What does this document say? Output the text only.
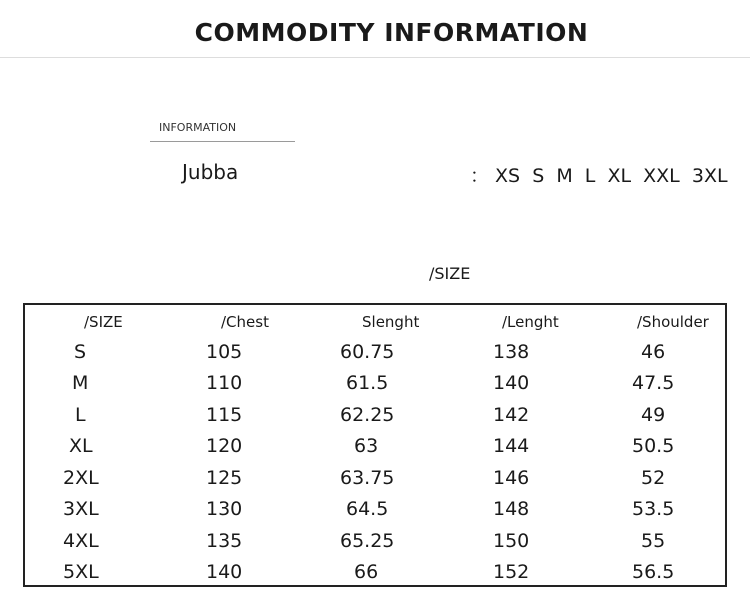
COMMODITY INFORMATION
INFORMATION
Jubba	： XS  S  M  L  XL  XXL  3XL
/SIZE
/SIZE	/Chest	Slenght	/Lenght	/Shoulder
S	105	60.75	138	46
M	110	61.5	140	47.5
L	115	62.25	142	49
XL	120	63	144	50.5
2XL	125	63.75	146	52
3XL	130	64.5	148	53.5
4XL	135	65.25	150	55
5XL	140	66	152	56.5
